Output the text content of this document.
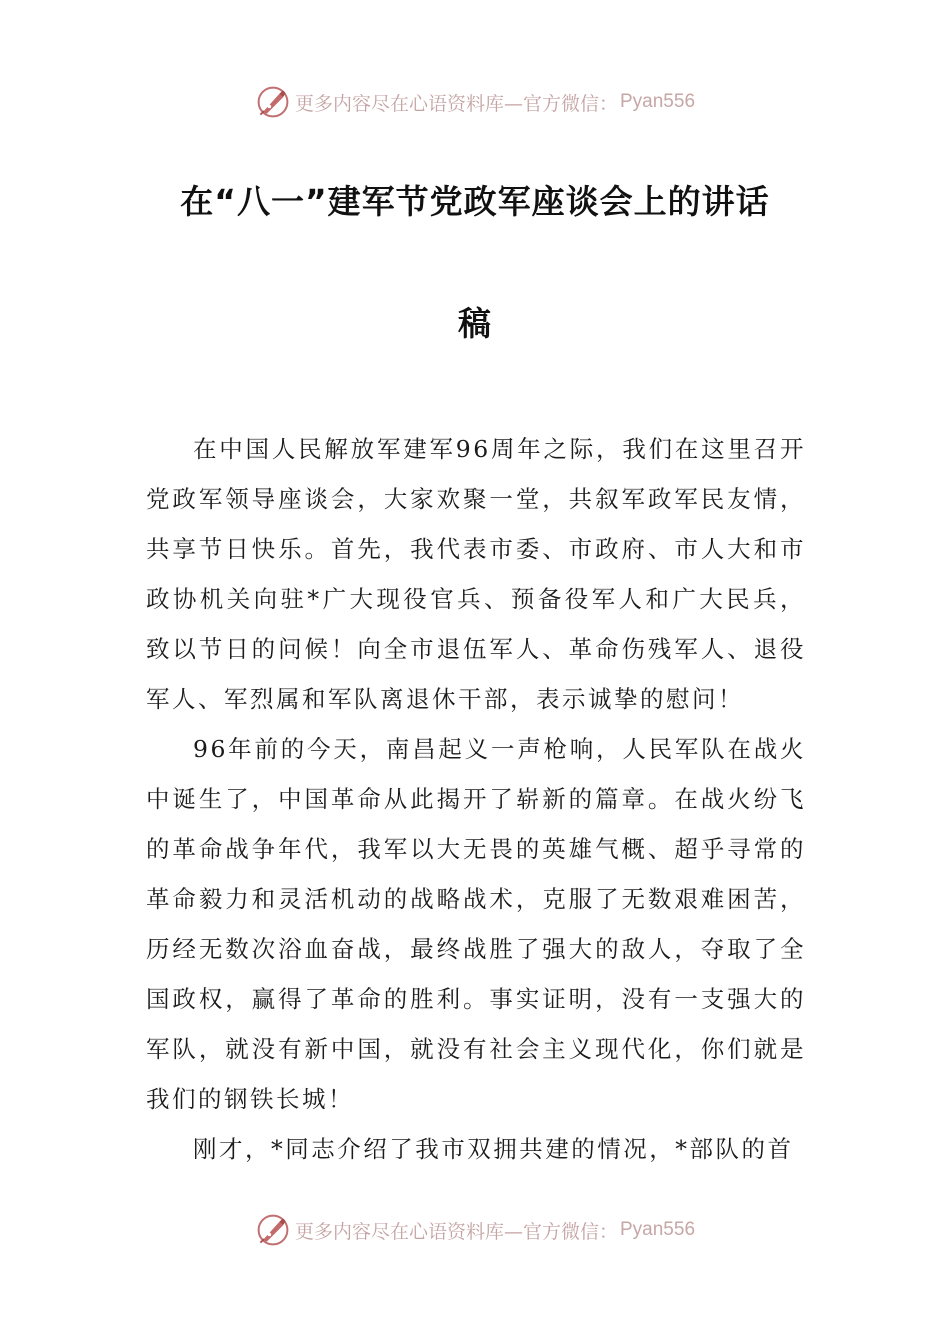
更多内容尽在心语资料库—官方微信： Pyan556
在“八一”建军节党政军座谈会上的讲话
稿

在中国人民解放军建军96周年之际，我们在这里召开党政军领导座谈会，大家欢聚一堂，共叙军政军民友情，共享节日快乐。首先，我代表市委、市政府、市人大和市政协机关向驻*广大现役官兵、预备役军人和广大民兵，致以节日的问候！向全市退伍军人、革命伤残军人、退役军人、军烈属和军队离退休干部，表示诚挚的慰问！

96年前的今天，南昌起义一声枪响，人民军队在战火中诞生了，中国革命从此揭开了崭新的篇章。在战火纷飞的革命战争年代，我军以大无畏的英雄气概、超乎寻常的革命毅力和灵活机动的战略战术，克服了无数艰难困苦，历经无数次浴血奋战，最终战胜了强大的敌人，夺取了全国政权，赢得了革命的胜利。事实证明，没有一支强大的军队，就没有新中国，就没有社会主义现代化，你们就是我们的钢铁长城！

刚才，*同志介绍了我市双拥共建的情况，*部队的首

更多内容尽在心语资料库—官方微信： Pyan556
